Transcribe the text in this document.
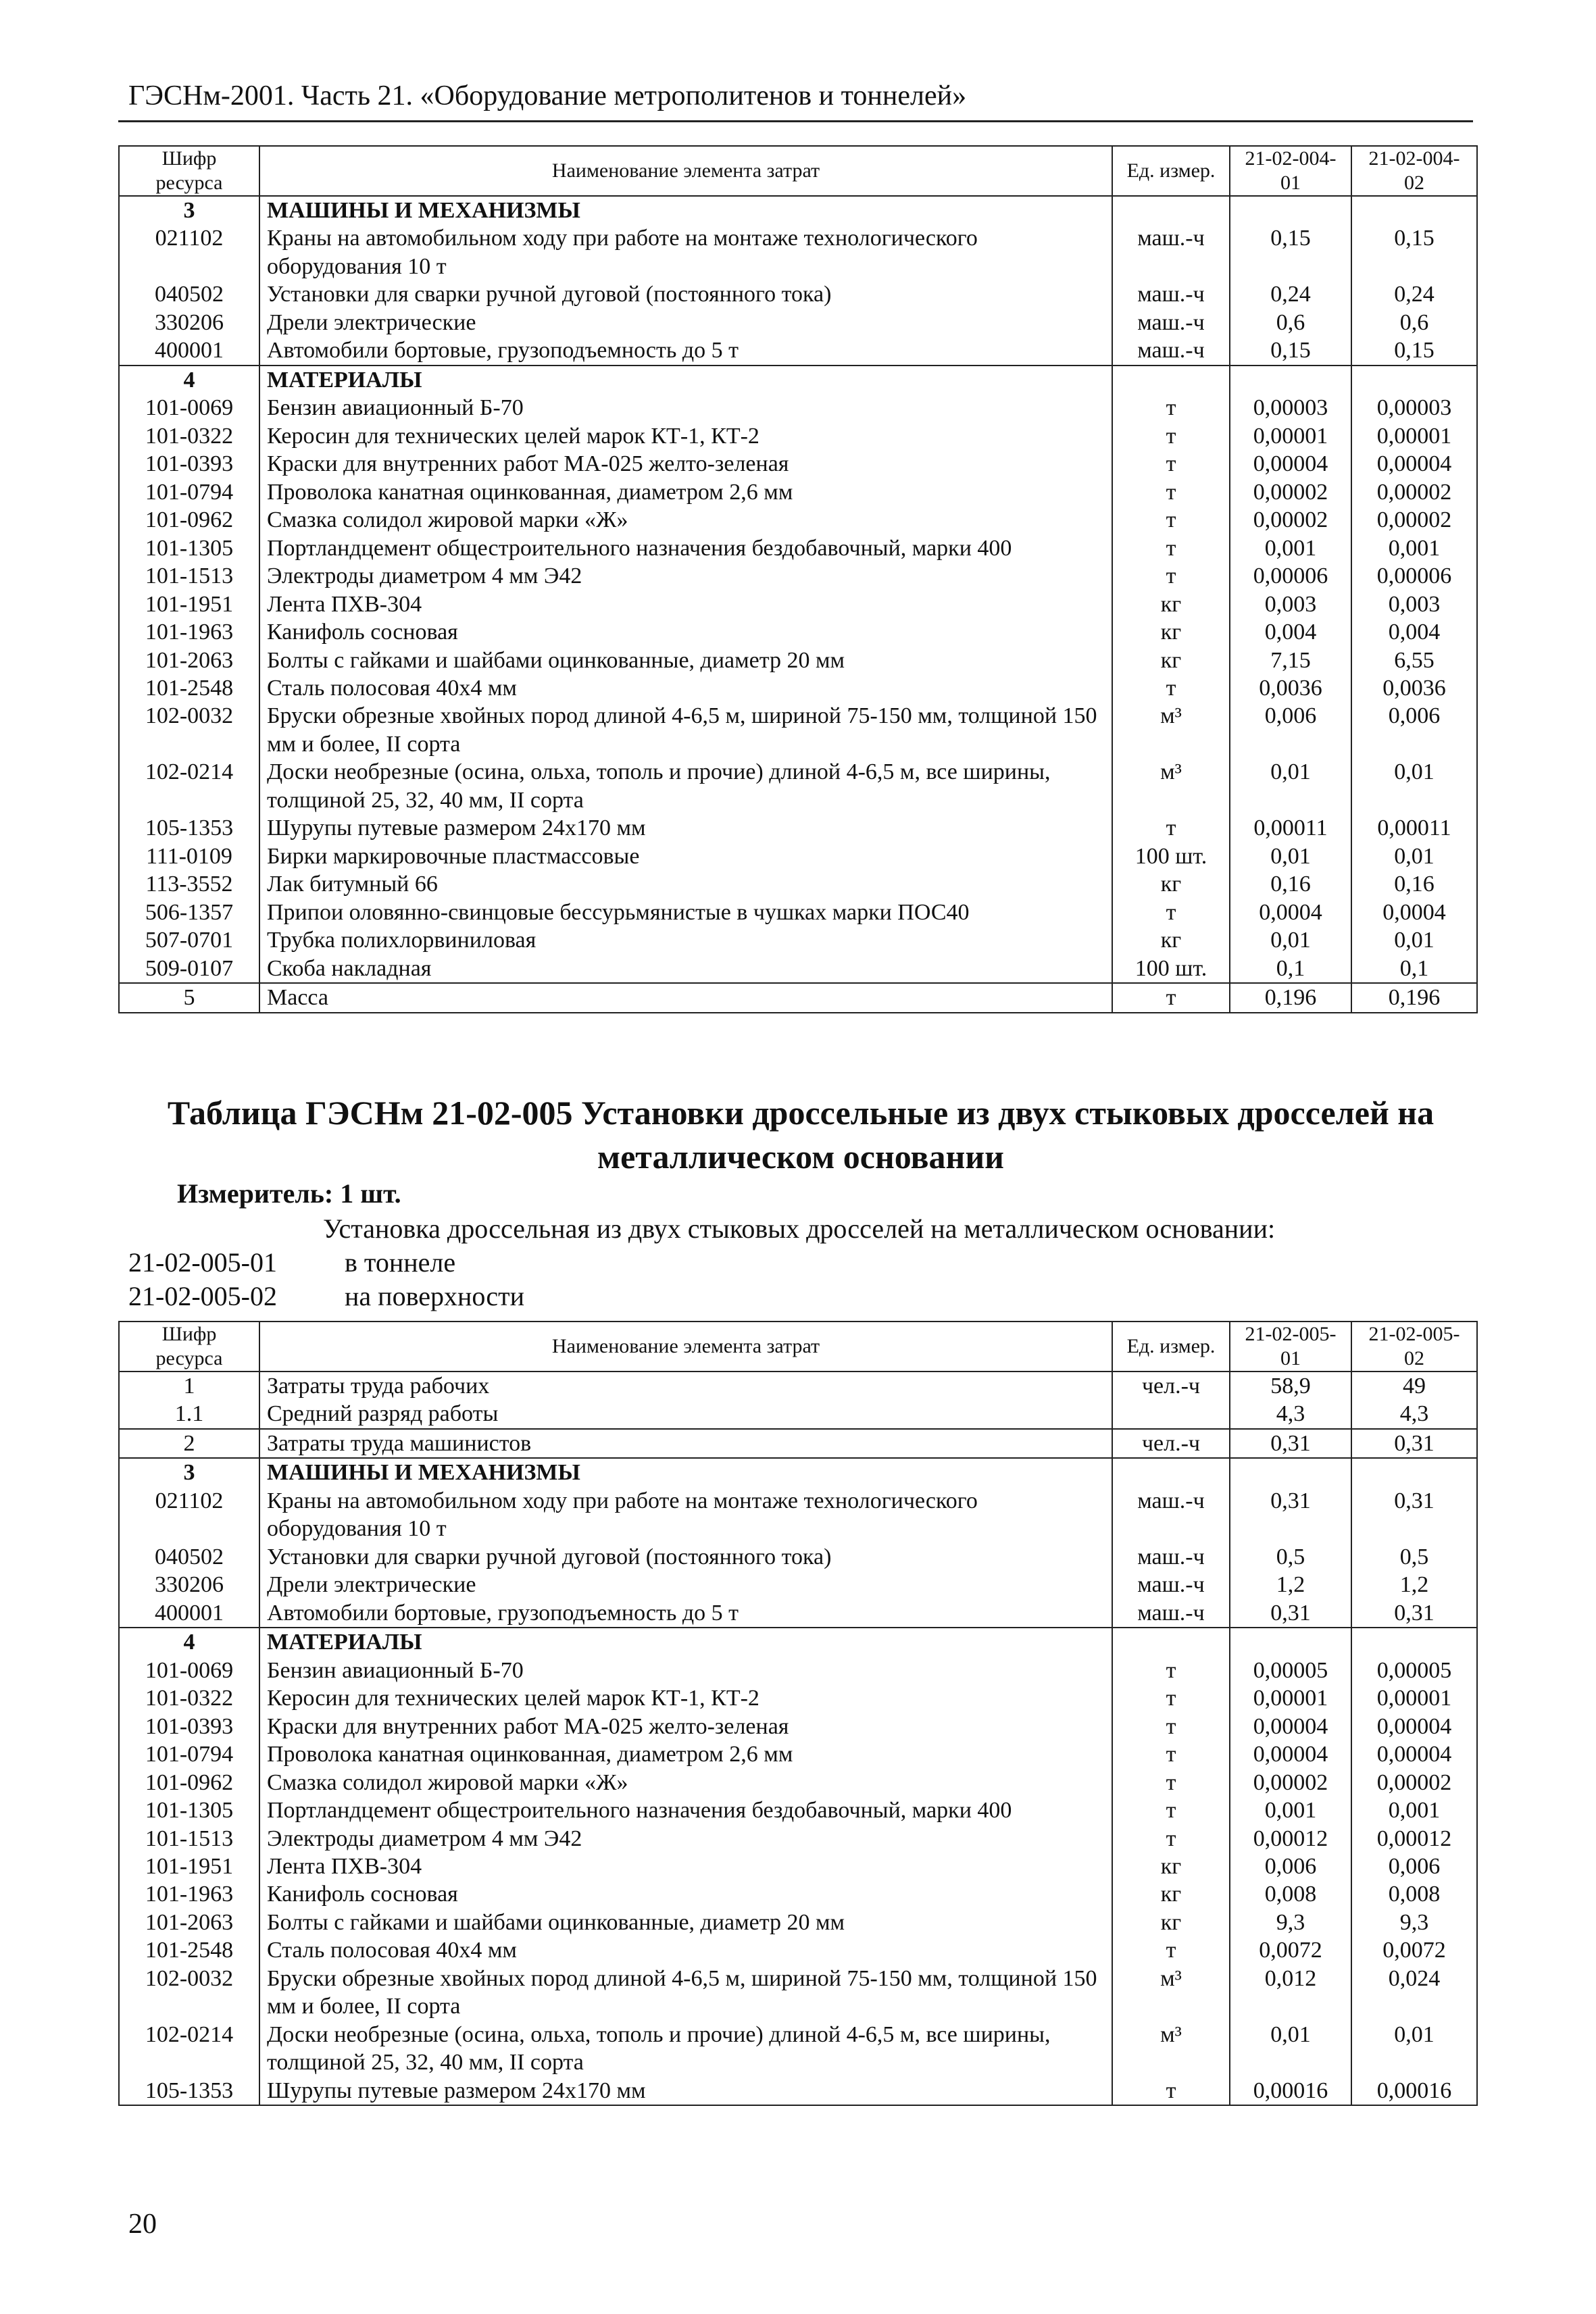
ГЭСНм-2001. Часть 21. «Оборудование метрополитенов и тоннелей»
Шифр ресурса	Наименование элемента затрат	Ед. измер.	21-02-004-01	21-02-004-02
3	МАШИНЫ И МЕХАНИЗМЫ			
021102	Краны на автомобильном ходу при работе на монтаже технологического оборудования 10 т	маш.-ч	0,15	0,15
040502	Установки для сварки ручной дуговой (постоянного тока)	маш.-ч	0,24	0,24
330206	Дрели электрические	маш.-ч	0,6	0,6
400001	Автомобили бортовые, грузоподъемность до 5 т	маш.-ч	0,15	0,15
4	МАТЕРИАЛЫ			
101-0069	Бензин авиационный Б-70	т	0,00003	0,00003
101-0322	Керосин для технических целей марок КТ-1, КТ-2	т	0,00001	0,00001
101-0393	Краски для внутренних работ МА-025 желто-зеленая	т	0,00004	0,00004
101-0794	Проволока канатная оцинкованная, диаметром 2,6 мм	т	0,00002	0,00002
101-0962	Смазка солидол жировой марки «Ж»	т	0,00002	0,00002
101-1305	Портландцемент общестроительного назначения бездобавочный, марки 400	т	0,001	0,001
101-1513	Электроды диаметром 4 мм Э42	т	0,00006	0,00006
101-1951	Лента ПХВ-304	кг	0,003	0,003
101-1963	Канифоль сосновая	кг	0,004	0,004
101-2063	Болты с гайками и шайбами оцинкованные, диаметр 20 мм	кг	7,15	6,55
101-2548	Сталь полосовая 40х4 мм	т	0,0036	0,0036
102-0032	Бруски обрезные хвойных пород длиной 4-6,5 м, шириной 75-150 мм, толщиной 150 мм и более, II сорта	м³	0,006	0,006
102-0214	Доски необрезные (осина, ольха, тополь и прочие) длиной 4-6,5 м, все ширины, толщиной 25, 32, 40 мм, II сорта	м³	0,01	0,01
105-1353	Шурупы путевые размером 24х170 мм	т	0,00011	0,00011
111-0109	Бирки маркировочные пластмассовые	100 шт.	0,01	0,01
113-3552	Лак битумный 66	кг	0,16	0,16
506-1357	Припои оловянно-свинцовые бессурьмянистые в чушках марки ПОС40	т	0,0004	0,0004
507-0701	Трубка полихлорвиниловая	кг	0,01	0,01
509-0107	Скоба накладная	100 шт.	0,1	0,1
5	Масса	т	0,196	0,196
Таблица ГЭСНм 21-02-005 Установки дроссельные из двух стыковых дросселей на металлическом основании
Измеритель: 1 шт.
Установка дроссельная из двух стыковых дросселей на металлическом основании:
21-02-005-01	в тоннеле
21-02-005-02	на поверхности
Шифр ресурса	Наименование элемента затрат	Ед. измер.	21-02-005-01	21-02-005-02
1	Затраты труда рабочих	чел.-ч	58,9	49
1.1	Средний разряд работы		4,3	4,3
2	Затраты труда машинистов	чел.-ч	0,31	0,31
3	МАШИНЫ И МЕХАНИЗМЫ			
021102	Краны на автомобильном ходу при работе на монтаже технологического оборудования 10 т	маш.-ч	0,31	0,31
040502	Установки для сварки ручной дуговой (постоянного тока)	маш.-ч	0,5	0,5
330206	Дрели электрические	маш.-ч	1,2	1,2
400001	Автомобили бортовые, грузоподъемность до 5 т	маш.-ч	0,31	0,31
4	МАТЕРИАЛЫ			
101-0069	Бензин авиационный Б-70	т	0,00005	0,00005
101-0322	Керосин для технических целей марок КТ-1, КТ-2	т	0,00001	0,00001
101-0393	Краски для внутренних работ МА-025 желто-зеленая	т	0,00004	0,00004
101-0794	Проволока канатная оцинкованная, диаметром 2,6 мм	т	0,00004	0,00004
101-0962	Смазка солидол жировой марки «Ж»	т	0,00002	0,00002
101-1305	Портландцемент общестроительного назначения бездобавочный, марки 400	т	0,001	0,001
101-1513	Электроды диаметром 4 мм Э42	т	0,00012	0,00012
101-1951	Лента ПХВ-304	кг	0,006	0,006
101-1963	Канифоль сосновая	кг	0,008	0,008
101-2063	Болты с гайками и шайбами оцинкованные, диаметр 20 мм	кг	9,3	9,3
101-2548	Сталь полосовая 40х4 мм	т	0,0072	0,0072
102-0032	Бруски обрезные хвойных пород длиной 4-6,5 м, шириной 75-150 мм, толщиной 150 мм и более, II сорта	м³	0,012	0,024
102-0214	Доски необрезные (осина, ольха, тополь и прочие) длиной 4-6,5 м, все ширины, толщиной 25, 32, 40 мм, II сорта	м³	0,01	0,01
105-1353	Шурупы путевые размером 24х170 мм	т	0,00016	0,00016
20
